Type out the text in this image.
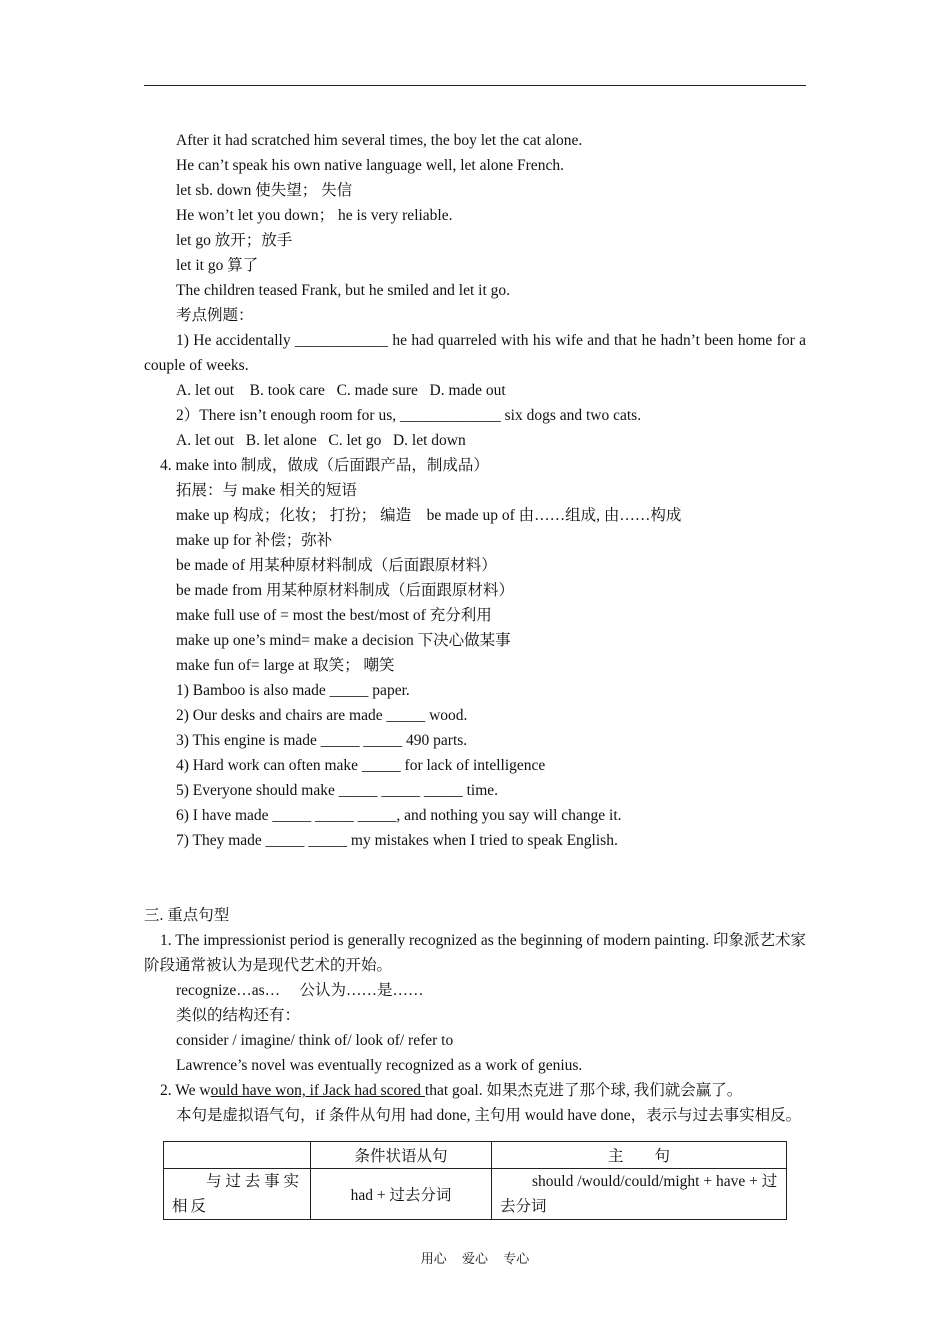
After it had scratched him several times, the boy let the cat alone.
He can’t speak his own native language well, let alone French.
let sb. down 使失望； 失信
He won’t let you down； he is very reliable.
let go 放开；放手
let it go 算了
The children teased Frank, but he smiled and let it go.
考点例题：
1) He accidentally ____________ he had quarreled with his wife and that he hadn’t been home for a couple of weeks.
A. let out    B. took care   C. made sure   D. made out
2）There isn’t enough room for us, _____________ six dogs and two cats.
A. let out   B. let alone   C. let go   D. let down
4. make into 制成，做成（后面跟产品，制成品）
拓展：与 make 相关的短语
make up 构成；化妆； 打扮； 编造    be made up of 由……组成, 由……构成
make up for 补偿；弥补
be made of 用某种原材料制成（后面跟原材料）
be made from 用某种原材料制成（后面跟原材料）
make full use of = most the best/most of 充分利用
make up one’s mind= make a decision 下决心做某事
make fun of= large at 取笑； 嘲笑
1) Bamboo is also made _____ paper.
2) Our desks and chairs are made _____ wood.
3) This engine is made _____ _____ 490 parts.
4) Hard work can often make _____ for lack of intelligence
5) Everyone should make _____ _____ _____ time.
6) I have made _____ _____ _____, and nothing you say will change it.
7) They made _____ _____ my mistakes when I tried to speak English.
三. 重点句型
1. The impressionist period is generally recognized as the beginning of modern painting. 印象派艺术家阶段通常被认为是现代艺术的开始。
recognize…as…     公认为……是……
类似的结构还有：
consider / imagine/ think of/ look of/ refer to
Lawrence’s novel was eventually recognized as a work of genius.
2. We would have won, if Jack had scored that goal. 如果杰克进了那个球, 我们就会赢了。
本句是虚拟语气句，if 条件从句用 had done, 主句用 would have done，表示与过去事实相反。
	条件状语从句	主　　句
与过去事实相反	had + 过去分词	should /would/could/might + have + 过去分词
用心 爱心 专心
